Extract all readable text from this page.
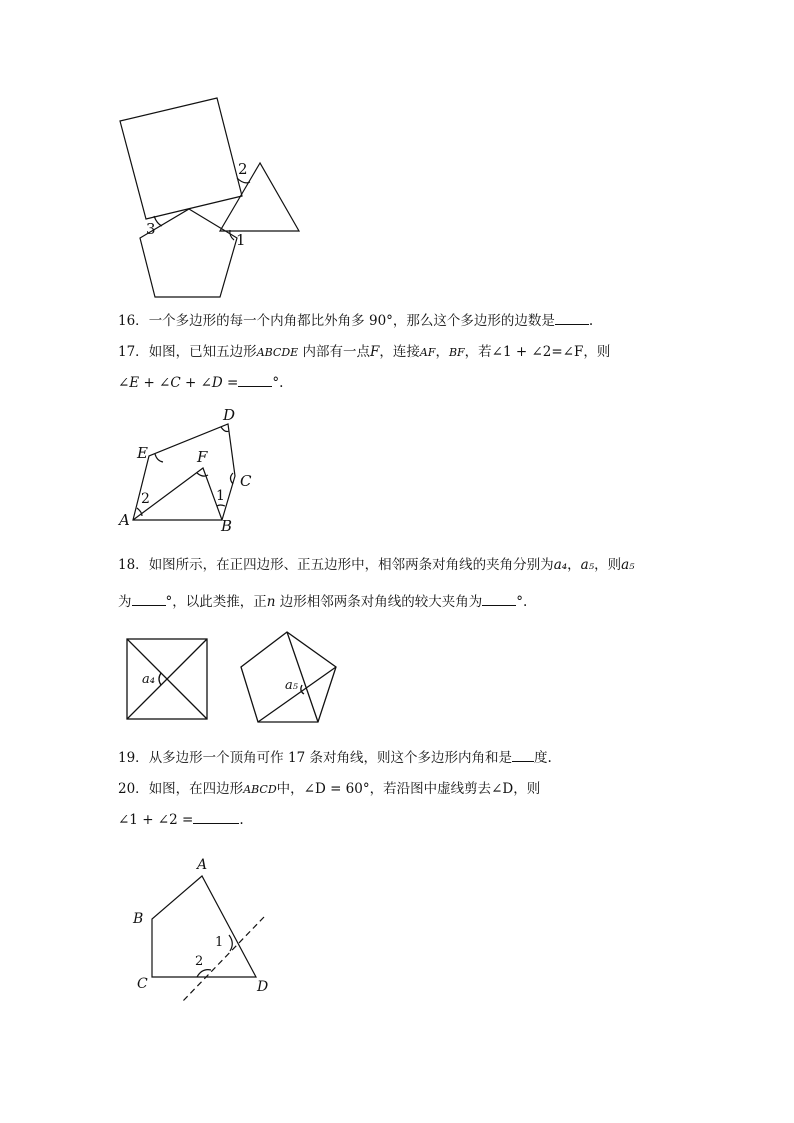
2
3
1
16．一个多边形的每一个内角都比外角多 90°，那么这个多边形的边数是	.
17．如图，已知五边形ABCDE 内部有一点F，连接AF，BF，若∠1 + ∠2=∠F，则
∠E + ∠C + ∠D =	°.
D
E	F
C
2	1
A	B
18．如图所示，在正四边形、正五边形中，相邻两条对角线的夹角分别为a₄，a₅，则a₅
为	°，以此类推，正n 边形相邻两条对角线的较大夹角为	°.
a₄	a₅
19．从多边形一个顶角可作 17 条对角线，则这个多边形内角和是 度.
20．如图，在四边形ABCD中，∠D = 60°，若沿图中虚线剪去∠D，则
∠1 + ∠2 =	.
A
B
1
2
C	D
